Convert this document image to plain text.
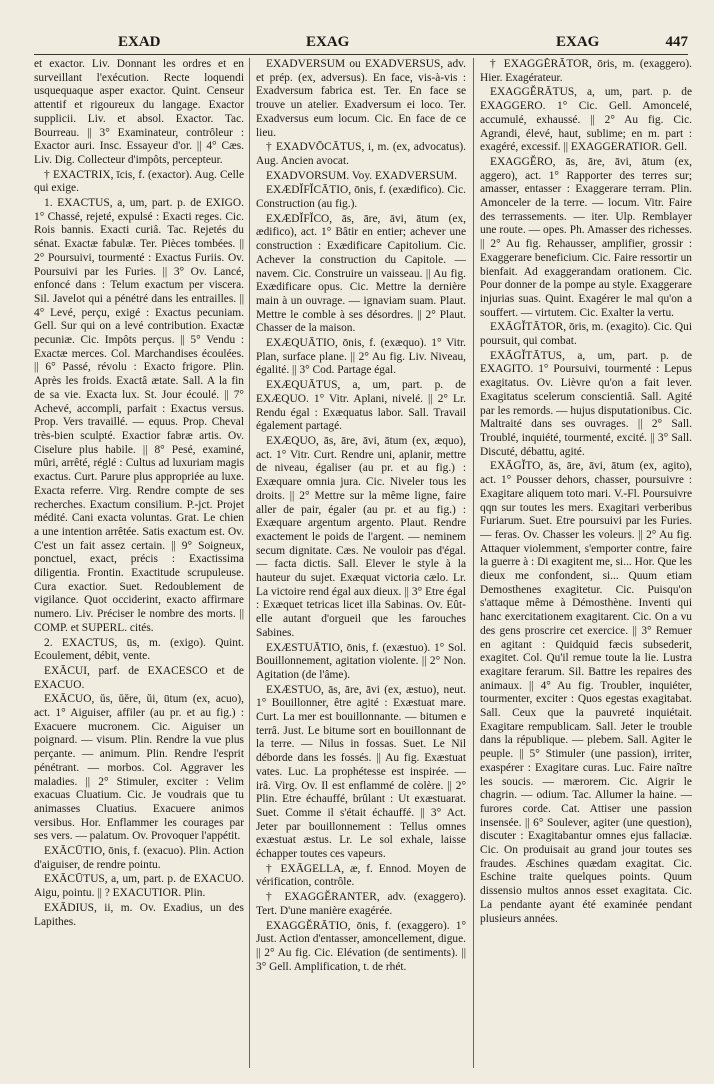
EXAD	EXAG	EXAG	447
et exactor. Liv. Donnant les ordres et en surveillant l'exécution. Recte loquendi usquequaque asper exactor. Quint. Censeur attentif et rigoureux du langage. Exactor supplicii. Liv. et absol. Exactor. Tac. Bourreau. || 3° Examinateur, contrôleur : Exactor auri. Insc. Essayeur d'or. || 4° Cæs. Liv. Dig. Collecteur d'impôts, percepteur.
† EXACTRIX, īcis, f. (exactor). Aug. Celle qui exige.
1. EXACTUS, a, um, part. p. de EXIGO. 1° Chassé, rejeté, expulsé : Exacti reges. Cic. Rois bannis. Exacti curiâ. Tac. Rejetés du sénat. Exactæ fabulæ. Ter. Pièces tombées. || 2° Poursuivi, tourmenté : Exactus Furiis. Ov. Poursuivi par les Furies. || 3° Ov. Lancé, enfoncé dans : Telum exactum per viscera. Sil. Javelot qui a pénétré dans les entrailles. || 4° Levé, perçu, exigé : Exactus pecuniam. Gell. Sur qui on a levé contribution. Exactæ pecuniæ. Cic. Impôts perçus. || 5° Vendu : Exactæ merces. Col. Marchandises écoulées. || 6° Passé, révolu : Exacto frigore. Plin. Après les froids. Exactâ ætate. Sall. A la fin de sa vie. Exacta lux. St. Jour écoulé. || 7° Achevé, accompli, parfait : Exactus versus. Prop. Vers travaillé. — equus. Prop. Cheval très-bien sculpté. Exactior fabræ artis. Ov. Ciselure plus habile. || 8° Pesé, examiné, mûri, arrêté, réglé : Cultus ad luxuriam magis exactus. Curt. Parure plus appropriée au luxe. Exacta referre. Virg. Rendre compte de ses recherches. Exactum consilium. P.-jct. Projet médité. Cani exacta voluntas. Grat. Le chien a une intention arrêtée. Satis exactum est. Ov. C'est un fait assez certain. || 9° Soigneux, ponctuel, exact, précis : Exactissima diligentia. Frontin. Exactitude scrupuleuse. Cura exactior. Suet. Redoublement de vigilance. Quot occiderint, exacto affirmare numero. Liv. Préciser le nombre des morts. || COMP. et SUPERL. cités.
2. EXACTUS, ūs, m. (exigo). Quint. Ecoulement, débit, vente.
EXĀCUI, parf. de EXACESCO et de EXACUO.
EXĀCUO, ŭs, ŭĕre, ŭi, ūtum (ex, acuo), act. 1° Aiguiser, affiler (au pr. et au fig.) : Exacuere mucronem. Cic. Aiguiser un poignard. — visum. Plin. Rendre la vue plus perçante. — animum. Plin. Rendre l'esprit pénétrant. — morbos. Col. Aggraver les maladies. || 2° Stimuler, exciter : Velim exacuas Cluatium. Cic. Je voudrais que tu animasses Cluatius. Exacuere animos versibus. Hor. Enflammer les courages par ses vers. — palatum. Ov. Provoquer l'appétit.
EXĀCŪTIO, ōnis, f. (exacuo). Plin. Action d'aiguiser, de rendre pointu.
EXĀCŪTUS, a, um, part. p. de EXACUO. Aigu, pointu. || ? EXACUTIOR. Plin.
EXĀDIUS, ii, m. Ov. Exadius, un des Lapithes.
EXADVERSUM ou EXADVERSUS, adv. et prép. (ex, adversus). En face, vis-à-vis : Exadversum fabrica est. Ter. En face se trouve un atelier. Exadversum ei loco. Ter. Exadversus eum locum. Cic. En face de ce lieu.
† EXADVŌCĀTUS, i, m. (ex, advocatus). Aug. Ancien avocat.
EXADVORSUM. Voy. EXADVERSUM.
EXÆDĬFĬCĀTIO, ōnis, f. (exædifico). Cic. Construction (au fig.).
EXÆDĬFĬCO, ās, āre, āvi, ātum (ex, ædifico), act. 1° Bâtir en entier; achever une construction : Exædificare Capitolium. Cic. Achever la construction du Capitole. — navem. Cic. Construire un vaisseau. || Au fig. Exædificare opus. Cic. Mettre la dernière main à un ouvrage. — ignaviam suam. Plaut. Mettre le comble à ses désordres. || 2° Plaut. Chasser de la maison.
EXÆQUĀTIO, ōnis, f. (exæquo). 1° Vitr. Plan, surface plane. || 2° Au fig. Liv. Niveau, égalité. || 3° Cod. Partage égal.
EXÆQUĀTUS, a, um, part. p. de EXÆQUO. 1° Vitr. Aplani, nivelé. || 2° Lr. Rendu égal : Exæquatus labor. Sall. Travail également partagé.
EXÆQUO, ās, āre, āvi, ātum (ex, æquo), act. 1° Vitr. Curt. Rendre uni, aplanir, mettre de niveau, égaliser (au pr. et au fig.) : Exæquare omnia jura. Cic. Niveler tous les droits. || 2° Mettre sur la même ligne, faire aller de pair, égaler (au pr. et au fig.) : Exæquare argentum argento. Plaut. Rendre exactement le poids de l'argent. — neminem secum dignitate. Cæs. Ne vouloir pas d'égal. — facta dictis. Sall. Elever le style à la hauteur du sujet. Exæquat victoria cælo. Lr. La victoire rend égal aux dieux. || 3° Etre égal : Exæquet tetricas licet illa Sabinas. Ov. Eût-elle autant d'orgueil que les farouches Sabines.
EXÆSTUĀTIO, ōnis, f. (exæstuo). 1° Sol. Bouillonnement, agitation violente. || 2° Non. Agitation (de l'âme).
EXÆSTUO, ās, āre, āvi (ex, æstuo), neut. 1° Bouillonner, être agité : Exæstuat mare. Curt. La mer est bouillonnante. — bitumen e terrâ. Just. Le bitume sort en bouillonnant de la terre. — Nilus in fossas. Suet. Le Nil déborde dans les fossés. || Au fig. Exæstuat vates. Luc. La prophétesse est inspirée. — irâ. Virg. Ov. Il est enflammé de colère. || 2° Plin. Etre échauffé, brûlant : Ut exæstuarat. Suet. Comme il s'était échauffé. || 3° Act. Jeter par bouillonnement : Tellus omnes exæstuat æstus. Lr. Le sol exhale, laisse échapper toutes ces vapeurs.
† EXĀGELLA, æ, f. Ennod. Moyen de vérification, contrôle.
† EXAGGĔRANTER, adv. (exaggero). Tert. D'une manière exagérée.
EXAGGĔRĀTIO, ōnis, f. (exaggero). 1° Just. Action d'entasser, amoncellement, digue. || 2° Au fig. Cic. Elévation (de sentiments). || 3° Gell. Amplification, t. de rhét.
† EXAGGĔRĀTOR, ōris, m. (exaggero). Hier. Exagérateur.
EXAGGĔRĀTUS, a, um, part. p. de EXAGGERO. 1° Cic. Gell. Amoncelé, accumulé, exhaussé. || 2° Au fig. Cic. Agrandi, élevé, haut, sublime; en m. part : exagéré, excessif. || EXAGGERATIOR. Gell.
EXAGGĔRO, ās, āre, āvi, ātum (ex, aggero), act. 1° Rapporter des terres sur; amasser, entasser : Exaggerare terram. Plin. Amonceler de la terre. — locum. Vitr. Faire des terrassements. — iter. Ulp. Remblayer une route. — opes. Ph. Amasser des richesses. || 2° Au fig. Rehausser, amplifier, grossir : Exaggerare beneficium. Cic. Faire ressortir un bienfait. Ad exaggerandam orationem. Cic. Pour donner de la pompe au style. Exaggerare injurias suas. Quint. Exagérer le mal qu'on a souffert. — virtutem. Cic. Exalter la vertu.
EXĀGĬTĀTOR, ōris, m. (exagito). Cic. Qui poursuit, qui combat.
EXĀGĬTĀTUS, a, um, part. p. de EXAGITO. 1° Poursuivi, tourmenté : Lepus exagitatus. Ov. Lièvre qu'on a fait lever. Exagitatus scelerum conscientiâ. Sall. Agité par les remords. — hujus disputationibus. Cic. Maltraité dans ses ouvrages. || 2° Sall. Troublé, inquiété, tourmenté, excité. || 3° Sall. Discuté, débattu, agité.
EXĀGĬTO, ās, āre, āvi, ātum (ex, agito), act. 1° Pousser dehors, chasser, poursuivre : Exagitare aliquem toto mari. V.-Fl. Poursuivre qqn sur toutes les mers. Exagitari verberibus Furiarum. Suet. Etre poursuivi par les Furies. — feras. Ov. Chasser les voleurs. || 2° Au fig. Attaquer violemment, s'emporter contre, faire la guerre à : Di exagitent me, si... Hor. Que les dieux me confondent, si... Quum etiam Demosthenes exagitetur. Cic. Puisqu'on s'attaque même à Démosthène. Inventi qui hanc exercitationem exagitarent. Cic. On a vu des gens proscrire cet exercice. || 3° Remuer en agitant : Quidquid fæcis subsederit, exagitet. Col. Qu'il remue toute la lie. Lustra exagitare ferarum. Sil. Battre les repaires des animaux. || 4° Au fig. Troubler, inquiéter, tourmenter, exciter : Quos egestas exagitabat. Sall. Ceux que la pauvreté inquiétait. Exagitare rempublicam. Sall. Jeter le trouble dans la république. — plebem. Sall. Agiter le peuple. || 5° Stimuler (une passion), irriter, exaspérer : Exagitare curas. Luc. Faire naître les soucis. — mærorem. Cic. Aigrir le chagrin. — odium. Tac. Allumer la haine. — furores corde. Cat. Attiser une passion insensée. || 6° Soulever, agiter (une question), discuter : Exagitabantur omnes ejus fallaciæ. Cic. On produisait au grand jour toutes ses fraudes. Æschines quædam exagitat. Cic. Eschine traite quelques points. Quum dissensio multos annos esset exagitata. Cic. La pendante ayant été examinée pendant plusieurs années.
